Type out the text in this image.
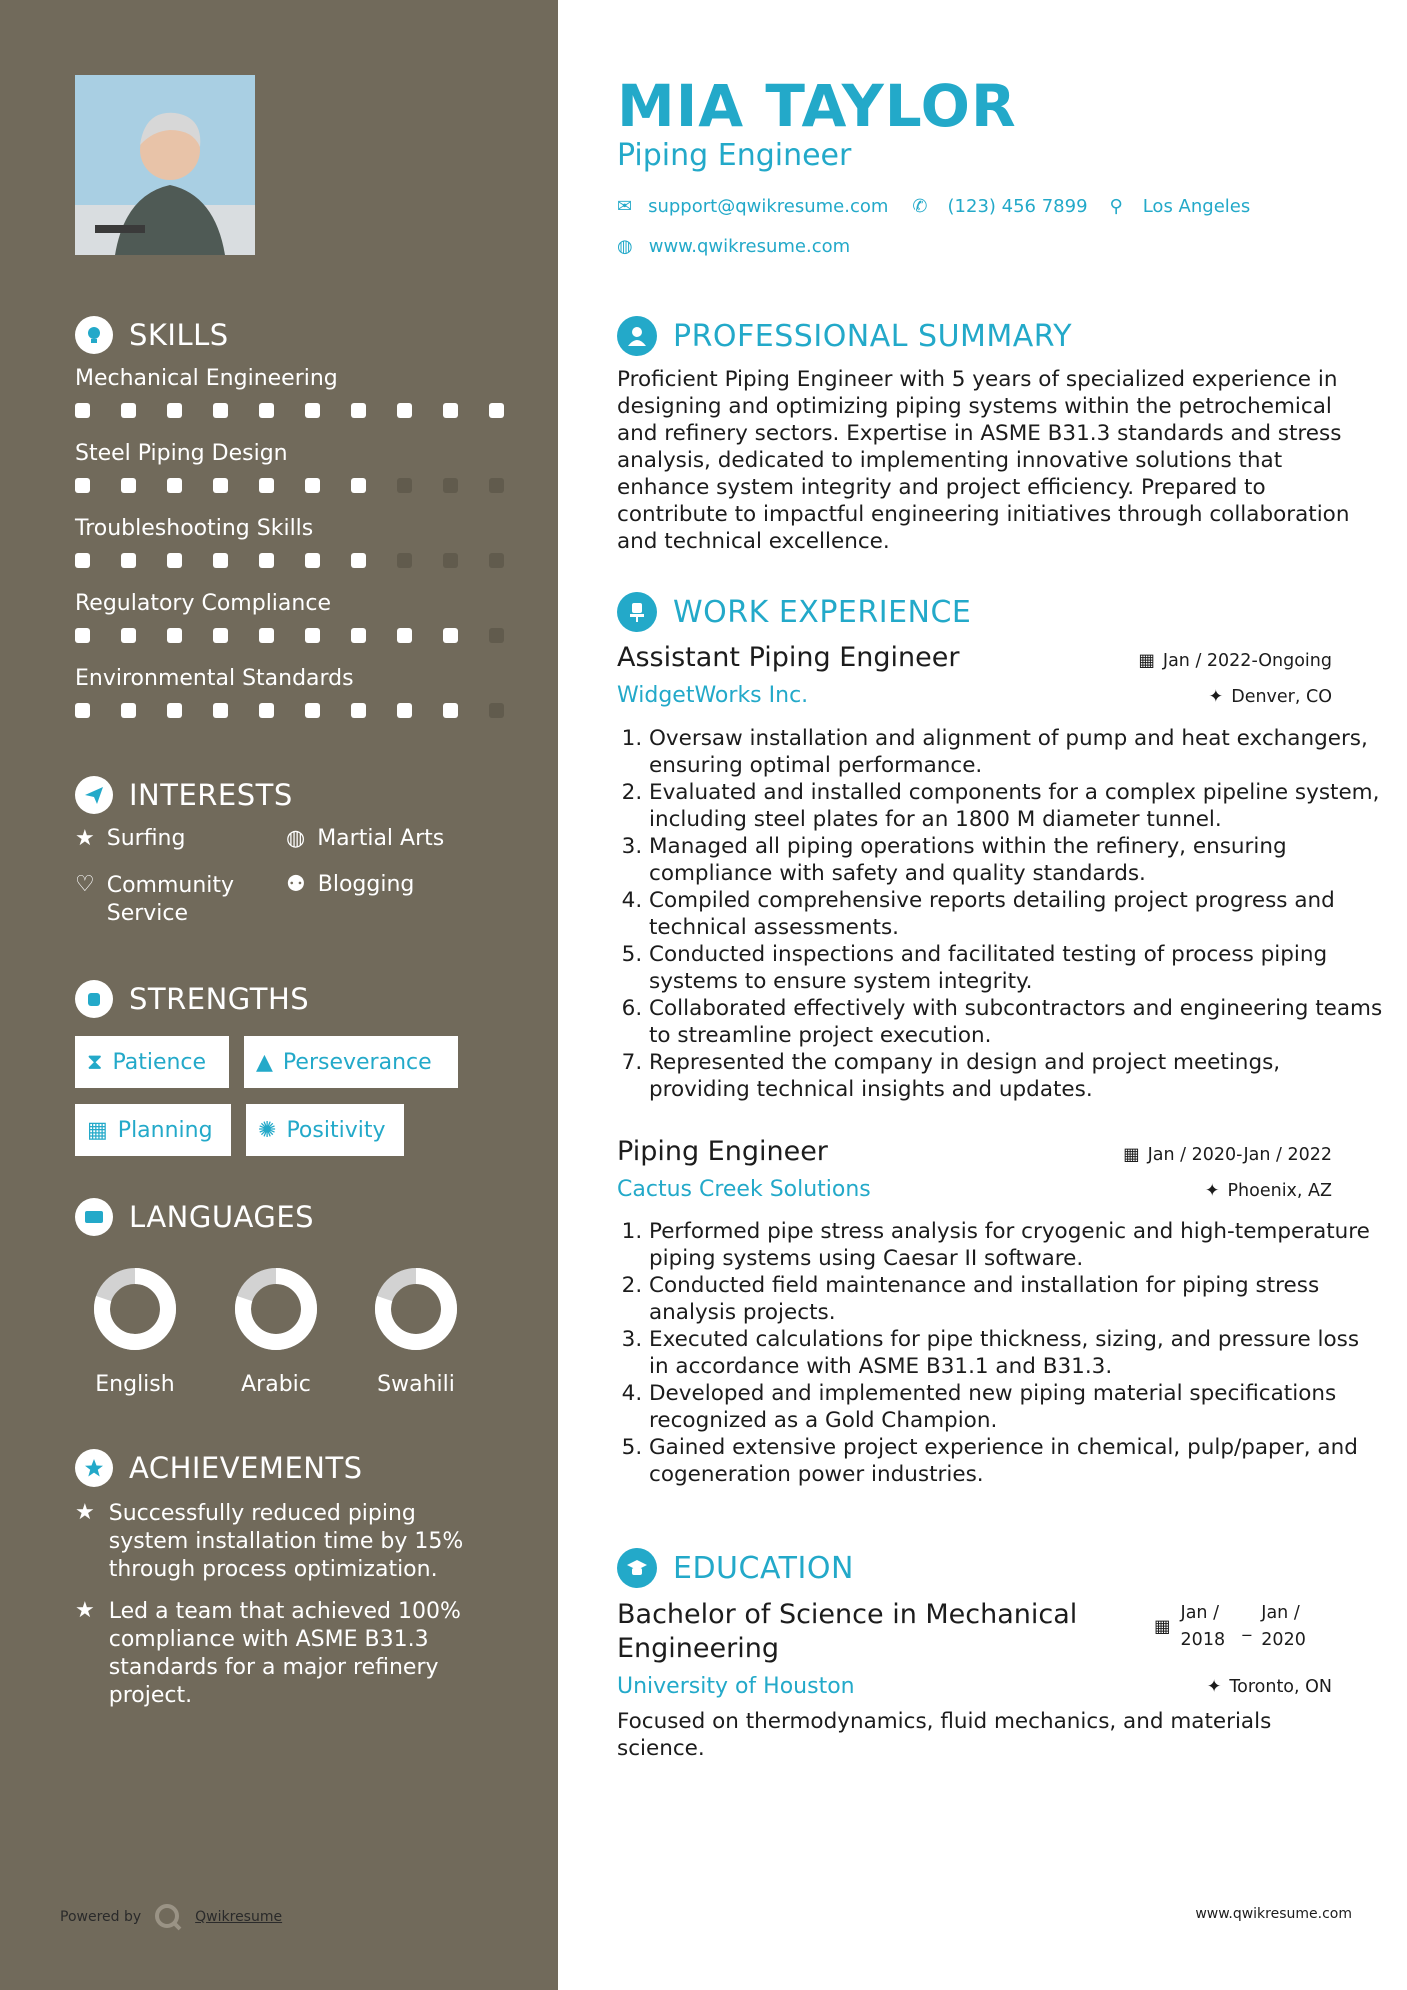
SKILLS
Mechanical Engineering
Steel Piping Design
Troubleshooting Skills
Regulatory Compliance
Environmental Standards
INTERESTS
★ Surfing	◍ Martial Arts
♡ Community Service
⚉ Blogging
STRENGTHS
⧗ Patience ▲ Perseverance
▦ Planning ✺ Positivity
LANGUAGES
English	Arabic	Swahili
ACHIEVEMENTS
★ Successfully reduced piping system installation time by 15% through process optimization.
★ Led a team that achieved 100% compliance with ASME B31.3 standards for a major refinery project.
Powered by	Qwikresume
MIA TAYLOR
Piping Engineer
✉ support@qwikresume.com ✆ (123) 456 7899 ⚲ Los Angeles
◍ www.qwikresume.com
PROFESSIONAL SUMMARY
Proficient Piping Engineer with 5 years of specialized experience in designing and optimizing piping systems within the petrochemical and refinery sectors. Expertise in ASME B31.3 standards and stress analysis, dedicated to implementing innovative solutions that enhance system integrity and project efficiency. Prepared to contribute to impactful engineering initiatives through collaboration and technical excellence.
WORK EXPERIENCE
Assistant Piping Engineer	▦ Jan / 2022-Ongoing
WidgetWorks Inc.	✦ Denver, CO
1. Oversaw installation and alignment of pump and heat exchangers, ensuring optimal performance.
2. Evaluated and installed components for a complex pipeline system, including steel plates for an 1800 M diameter tunnel.
3. Managed all piping operations within the refinery, ensuring compliance with safety and quality standards.
4. Compiled comprehensive reports detailing project progress and technical assessments.
5. Conducted inspections and facilitated testing of process piping systems to ensure system integrity.
6. Collaborated effectively with subcontractors and engineering teams to streamline project execution.
7. Represented the company in design and project meetings, providing technical insights and updates.
Piping Engineer	▦ Jan / 2020-Jan / 2022
Cactus Creek Solutions	✦ Phoenix, AZ
1. Performed pipe stress analysis for cryogenic and high-temperature piping systems using Caesar II software.
2. Conducted field maintenance and installation for piping stress analysis projects.
3. Executed calculations for pipe thickness, sizing, and pressure loss in accordance with ASME B31.1 and B31.3.
4. Developed and implemented new piping material specifications recognized as a Gold Champion.
5. Gained extensive project experience in chemical, pulp/paper, and cogeneration power industries.
EDUCATION
Bachelor of Science in Mechanical Engineering
▦
Jan / 2018
_
Jan / 2020
University of Houston	✦ Toronto, ON
Focused on thermodynamics, fluid mechanics, and materials science.
www.qwikresume.com
